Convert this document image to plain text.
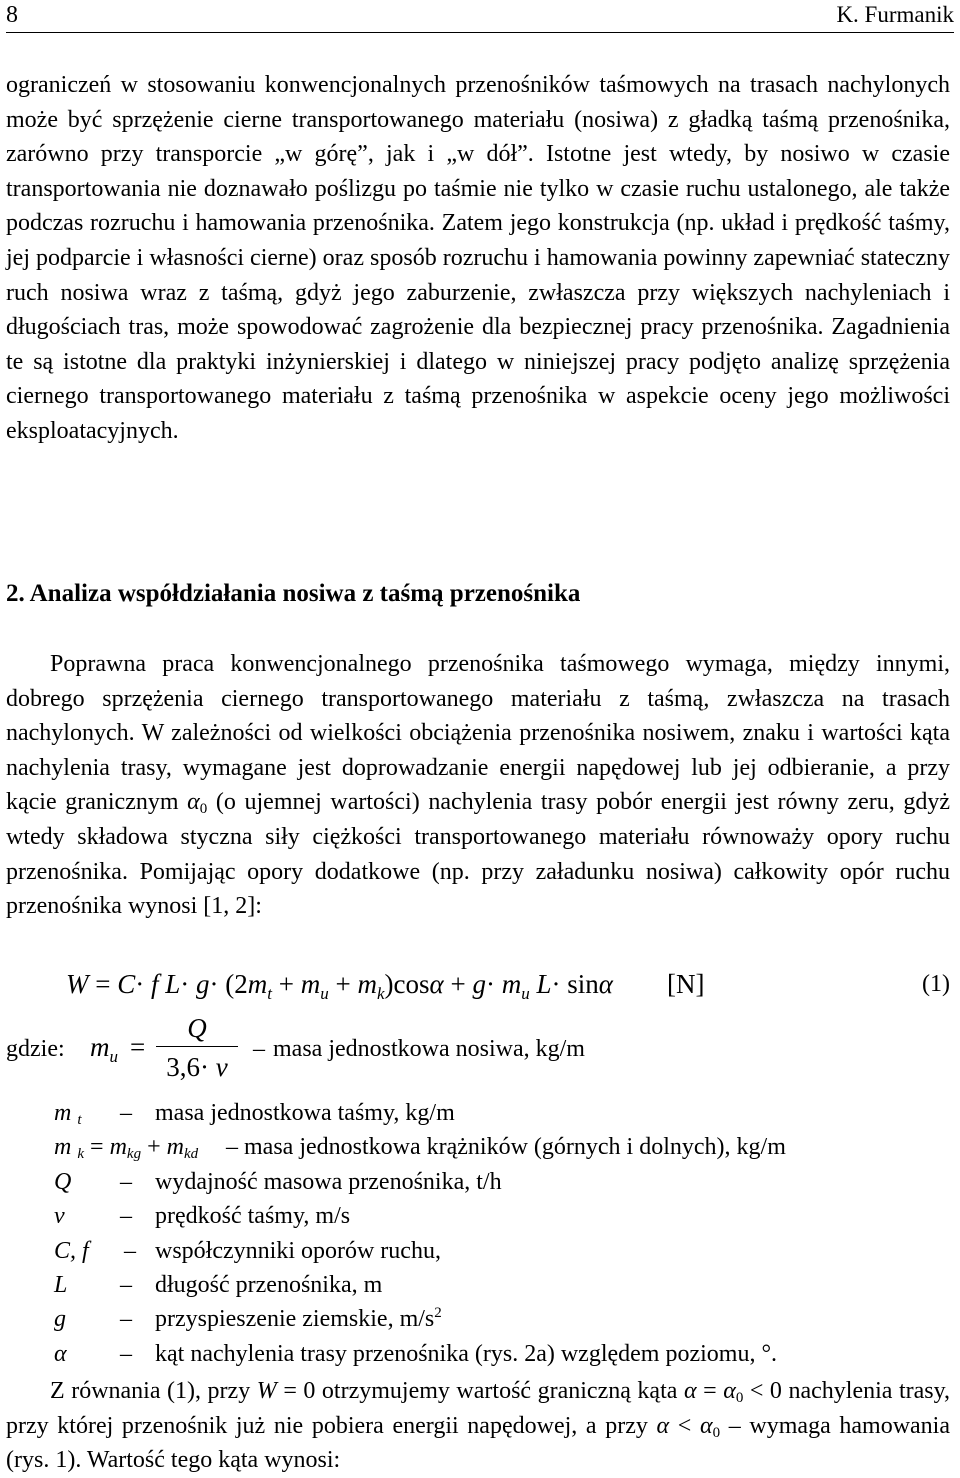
8	K. Furmanik

ograniczeń w stosowaniu konwencjonalnych przenośników taśmowych na trasach nachylonych może być sprzężenie cierne transportowanego materiału (nosiwa) z gładką taśmą przenośnika, zarówno przy transporcie „w górę”, jak i „w dół”. Istotne jest wtedy, by nosiwo w czasie transportowania nie doznawało poślizgu po taśmie nie tylko w czasie ruchu ustalonego, ale także podczas rozruchu i hamowania przenośnika. Zatem jego konstrukcja (np. układ i prędkość taśmy, jej podparcie i własności cierne) oraz sposób rozruchu i hamowania powinny zapewniać stateczny ruch nosiwa wraz z taśmą, gdyż jego zaburzenie, zwłaszcza przy większych nachyleniach i długościach tras, może spowodować zagrożenie dla bezpiecznej pracy przenośnika. Zagadnienia te są istotne dla praktyki inżynierskiej i dlatego w niniejszej pracy podjęto analizę sprzężenia ciernego transportowanego materiału z taśmą przenośnika w aspekcie oceny jego możliwości eksploatacyjnych.

2. Analiza współdziałania nosiwa z taśmą przenośnika

Poprawna praca konwencjonalnego przenośnika taśmowego wymaga, między innymi, dobrego sprzężenia ciernego transportowanego materiału z taśmą, zwłaszcza na trasach nachylonych. W zależności od wielkości obciążenia przenośnika nosiwem, znaku i wartości kąta nachylenia trasy, wymagane jest doprowadzanie energii napędowej lub jej odbieranie, a przy kącie granicznym $\alpha_0$ (o ujemnej wartości) nachylenia trasy pobór energii jest równy zeru, gdyż wtedy składowa styczna siły ciężkości transportowanego materiału równoważy opory ruchu przenośnika. Pomijając opory dodatkowe (np. przy załadunku nosiwa) całkowity opór ruchu przenośnika wynosi [1, 2]:

W = C· f $L\cdot g\cdot (2m_t + m_u + m_k)\cos\alpha + g\cdot m_u$ L· sinα [N]	(1)
gdzie: $m_u$ =
Q
3,6· v
– masa jednostkowa nosiwa, kg/m
m $_t$ – masa jednostkowa taśmy, kg/m
m $_k = m_{kg} + m_{kd}$ – masa jednostkowa krążników (górnych i dolnych), kg/m
Q – wydajność masowa przenośnika, t/h
v – prędkość taśmy, m/s
C, f – współczynniki oporów ruchu,
L – długość przenośnika, m
g – przyspieszenie ziemskie, $m/s^2$
α – kąt nachylenia trasy przenośnika (rys. 2a) względem poziomu, °.

Z równania (1), przy W = 0 otrzymujemy wartość graniczną kąta $\alpha = \alpha_0 < 0$ nachylenia trasy, przy której przenośnik już nie pobiera energii napędowej, a przy $\alpha < \alpha_0$ – wymaga hamowania (rys. 1). Wartość tego kąta wynosi:
